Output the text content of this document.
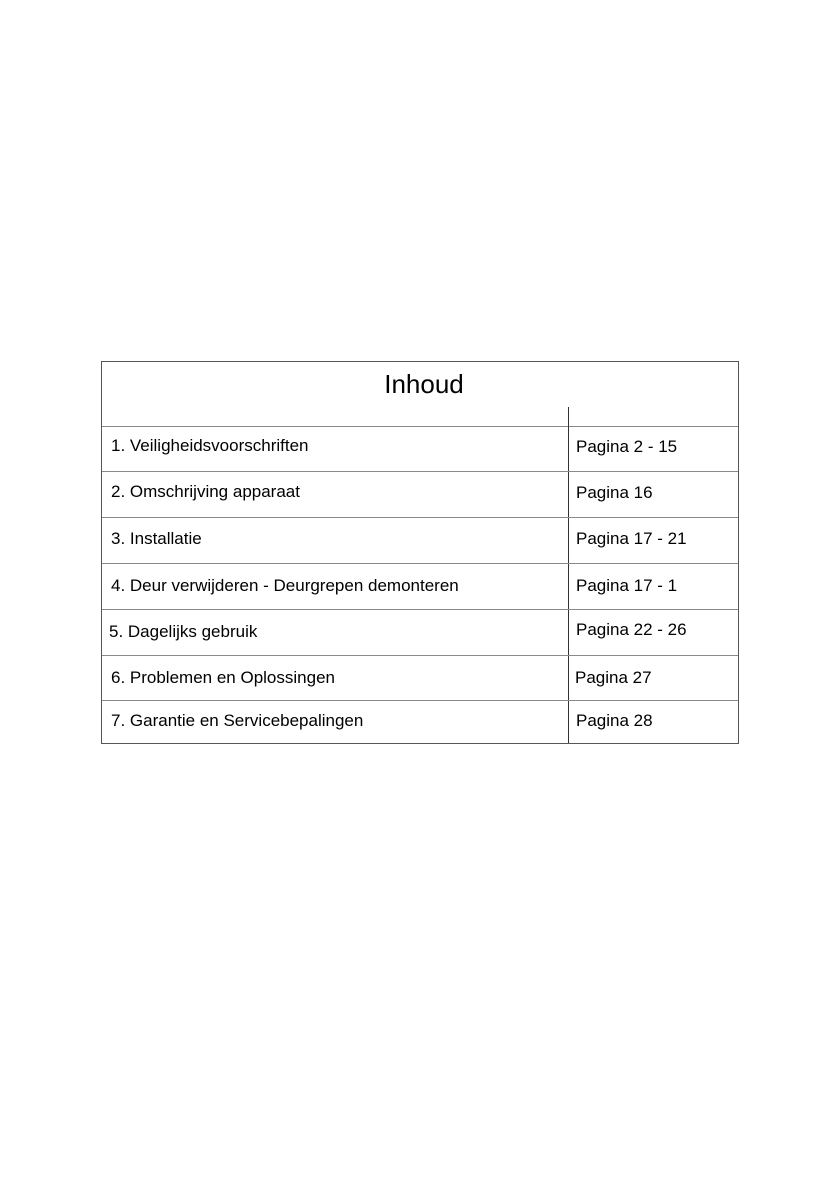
Inhoud
1. Veiligheidsvoorschriften	Pagina 2 - 15
2. Omschrijving apparaat	Pagina 16
3. Installatie	Pagina 17 - 21
4. Deur verwijderen - Deurgrepen demonteren	Pagina 17 - 1
5. Dagelijks gebruik	Pagina 22 - 26
6. Problemen en Oplossingen	Pagina 27
7. Garantie en Servicebepalingen	Pagina 28
